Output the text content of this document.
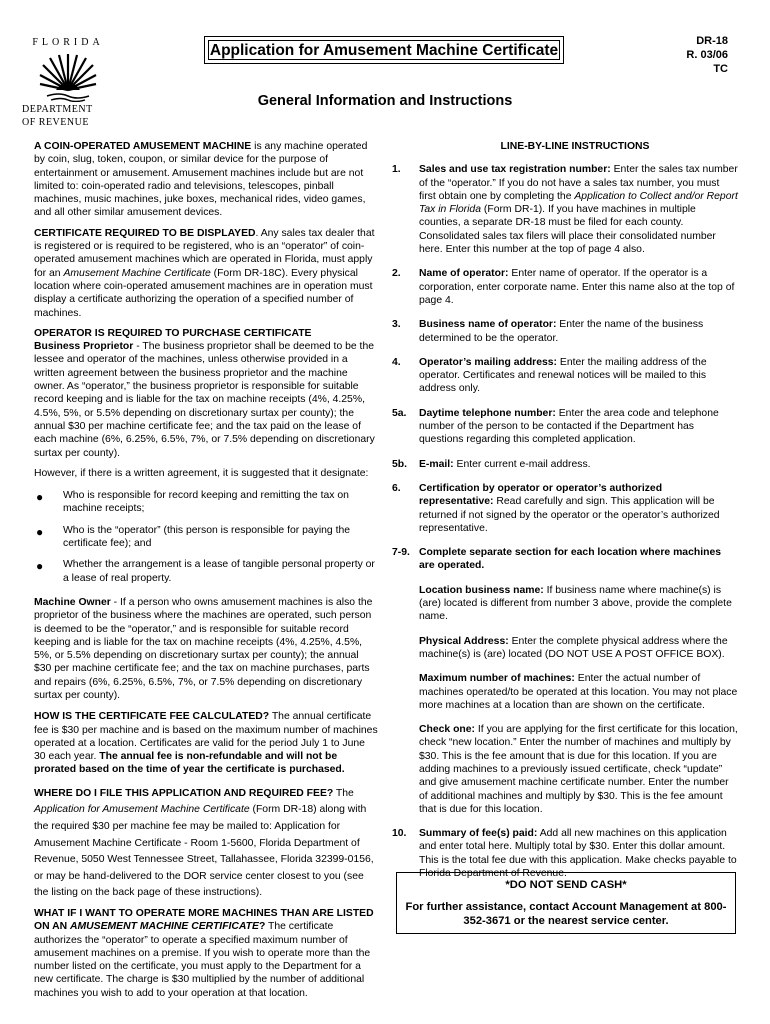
FLORIDA
DEPARTMENT
OF REVENUE
Application for Amusement Machine Certificate
DR-18
R. 03/06
TC
General Information and Instructions

A COIN-OPERATED AMUSEMENT MACHINE is any machine operated by coin, slug, token, coupon, or similar device for the purpose of entertainment or amusement. Amusement machines include but are not limited to: coin-operated radio and televisions, telescopes, pinball machines, music machines, juke boxes, mechanical rides, video games, and all other similar amusement devices.

CERTIFICATE REQUIRED TO BE DISPLAYED. Any sales tax dealer that is registered or is required to be registered, who is an “operator” of coin-operated amusement machines which are operated in Florida, must apply for an Amusement Machine Certificate (Form DR-18C). Every physical location where coin-operated amusement machines are in operation must display a certificate authorizing the operation of a specified number of machines.

OPERATOR IS REQUIRED TO PURCHASE CERTIFICATE
Business Proprietor - The business proprietor shall be deemed to be the lessee and operator of the machines, unless otherwise provided in a written agreement between the business proprietor and the machine owner. As “operator,” the business proprietor is responsible for suitable record keeping and is liable for the tax on machine receipts (4%, 4.25%, 4.5%, 5%, or 5.5% depending on discretionary surtax per county); the annual $30 per machine certificate fee; and the tax paid on the lease of each machine (6%, 6.25%, 6.5%, 7%, or 7.5% depending on discretionary surtax per county).

However, if there is a written agreement, it is suggested that it designate:

● Who is responsible for record keeping and remitting the tax on machine receipts;
● Who is the “operator” (this person is responsible for paying the certificate fee); and
● Whether the arrangement is a lease of tangible personal property or a lease of real property.

Machine Owner - If a person who owns amusement machines is also the proprietor of the business where the machines are operated, such person is deemed to be the “operator,” and is responsible for suitable record keeping and is liable for the tax on machine receipts (4%, 4.25%, 4.5%, 5%, or 5.5% depending on discretionary surtax per county); the annual $30 per machine certificate fee; and the tax on machine purchases, parts and repairs (6%, 6.25%, 6.5%, 7%, or 7.5% depending on discretionary surtax per county).

HOW IS THE CERTIFICATE FEE CALCULATED? The annual certificate fee is $30 per machine and is based on the maximum number of machines operated at a location. Certificates are valid for the period July 1 to June 30 each year. The annual fee is non-refundable and will not be prorated based on the time of year the certificate is purchased.

WHERE DO I FILE THIS APPLICATION AND REQUIRED FEE? The Application for Amusement Machine Certificate (Form DR-18) along with the required $30 per machine fee may be mailed to: Application for Amusement Machine Certificate - Room 1-5600, Florida Department of Revenue, 5050 West Tennessee Street, Tallahassee, Florida 32399-0156, or may be hand-delivered to the DOR service center closest to you (see the listing on the back page of these instructions).

WHAT IF I WANT TO OPERATE MORE MACHINES THAN ARE LISTED ON AN AMUSEMENT MACHINE CERTIFICATE? The certificate authorizes the “operator” to operate a specified maximum number of amusement machines on a premise. If you wish to operate more than the number listed on the certificate, you must apply to the Department for a new certificate. The charge is $30 multiplied by the number of additional machines you wish to add to your operation at that location.

LINE-BY-LINE INSTRUCTIONS
1. Sales and use tax registration number: Enter the sales tax number of the “operator.” If you do not have a sales tax number, you must first obtain one by completing the Application to Collect and/or Report Tax in Florida (Form DR-1). If you have machines in multiple counties, a separate DR-18 must be filed for each county. Consolidated sales tax filers will place their consolidated number here. Enter this number at the top of page 4 also.
2. Name of operator: Enter name of operator. If the operator is a corporation, enter corporate name. Enter this name also at the top of page 4.
3. Business name of operator: Enter the name of the business determined to be the operator.
4. Operator’s mailing address: Enter the mailing address of the operator. Certificates and renewal notices will be mailed to this address only.
5a. Daytime telephone number: Enter the area code and telephone number of the person to be contacted if the Department has questions regarding this completed application.
5b. E-mail: Enter current e-mail address.
6. Certification by operator or operator’s authorized representative: Read carefully and sign. This application will be returned if not signed by the operator or the operator’s authorized representative.
7-9. Complete separate section for each location where machines are operated.
Location business name: If business name where machine(s) is (are) located is different from number 3 above, provide the complete name.
Physical Address: Enter the complete physical address where the machine(s) is (are) located (DO NOT USE A POST OFFICE BOX).
Maximum number of machines: Enter the actual number of machines operated/to be operated at this location. You may not place more machines at a location than are shown on the certificate.
Check one: If you are applying for the first certificate for this location, check “new location.” Enter the number of machines and multiply by $30. This is the fee amount that is due for this location. If you are adding machines to a previously issued certificate, check “update” and give amusement machine certificate number. Enter the number of additional machines and multiply by $30. This is the fee amount that is due for this location.
10. Summary of fee(s) paid: Add all new machines on this application and enter total here. Multiply total by $30. Enter this dollar amount. This is the total fee due with this application. Make checks payable to Florida Department of Revenue.
*DO NOT SEND CASH*
For further assistance, contact Account Management at 800-352-3671 or the nearest service center.
